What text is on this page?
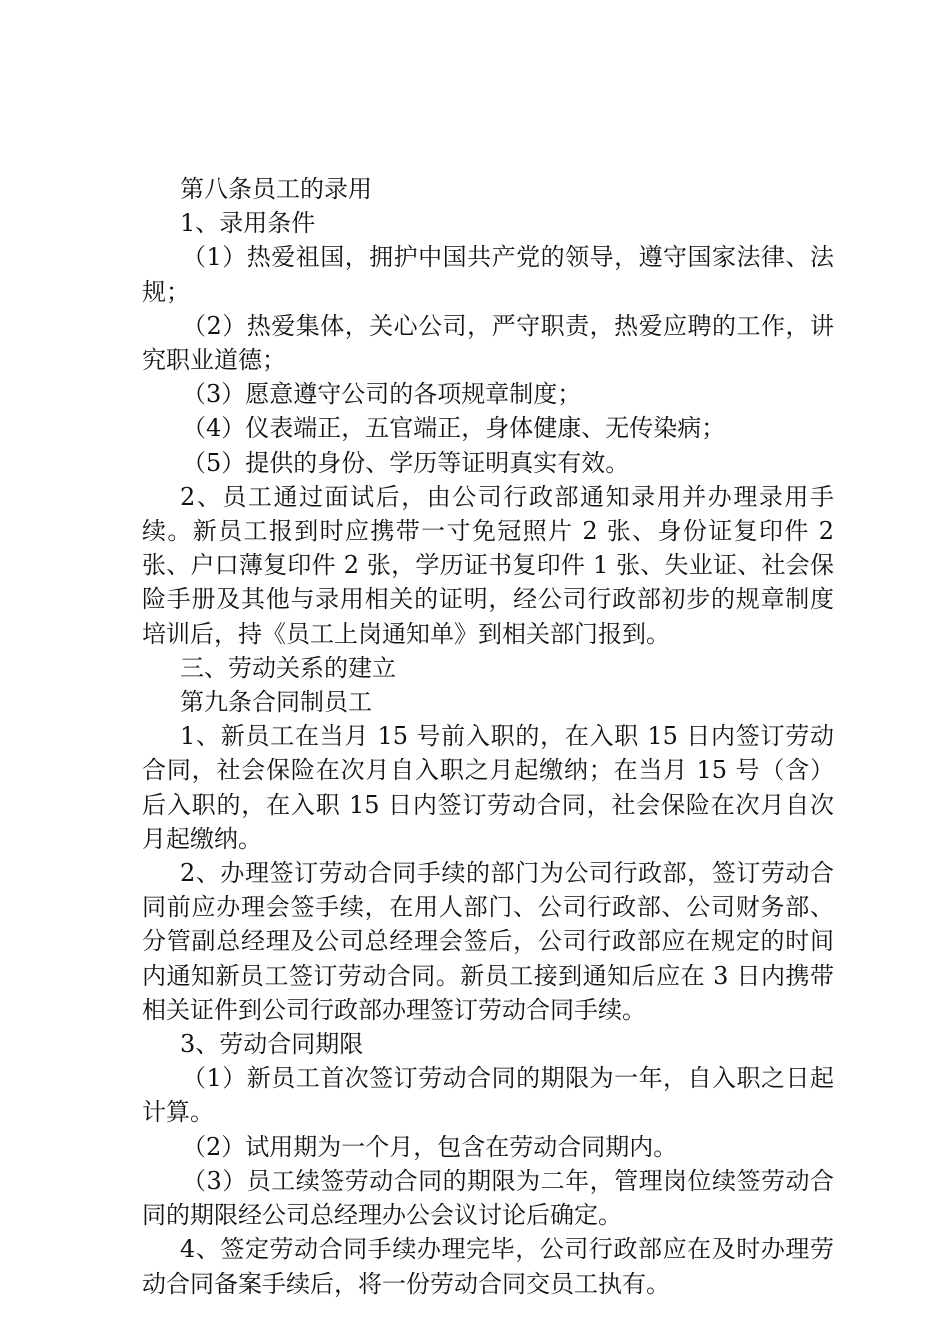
第八条员工的录用

1、录用条件

（1）热爱祖国，拥护中国共产党的领导，遵守国家法律、法规；

（2）热爱集体，关心公司，严守职责，热爱应聘的工作，讲究职业道德；

（3）愿意遵守公司的各项规章制度；

（4）仪表端正，五官端正，身体健康、无传染病；

（5）提供的身份、学历等证明真实有效。

2、员工通过面试后，由公司行政部通知录用并办理录用手续。新员工报到时应携带一寸免冠照片 2 张、身份证复印件 2 张、户口薄复印件 2 张，学历证书复印件 1 张、失业证、社会保险手册及其他与录用相关的证明，经公司行政部初步的规章制度培训后，持《员工上岗通知单》到相关部门报到。

三、劳动关系的建立

第九条合同制员工

1、新员工在当月 15 号前入职的，在入职 15 日内签订劳动合同，社会保险在次月自入职之月起缴纳；在当月 15 号（含）后入职的，在入职 15 日内签订劳动合同，社会保险在次月自次月起缴纳。

2、办理签订劳动合同手续的部门为公司行政部，签订劳动合同前应办理会签手续，在用人部门、公司行政部、公司财务部、分管副总经理及公司总经理会签后，公司行政部应在规定的时间内通知新员工签订劳动合同。新员工接到通知后应在 3 日内携带相关证件到公司行政部办理签订劳动合同手续。

3、劳动合同期限

（1）新员工首次签订劳动合同的期限为一年，自入职之日起计算。

（2）试用期为一个月，包含在劳动合同期内。

（3）员工续签劳动合同的期限为二年，管理岗位续签劳动合同的期限经公司总经理办公会议讨论后确定。

4、签定劳动合同手续办理完毕，公司行政部应在及时办理劳动合同备案手续后，将一份劳动合同交员工执有。
